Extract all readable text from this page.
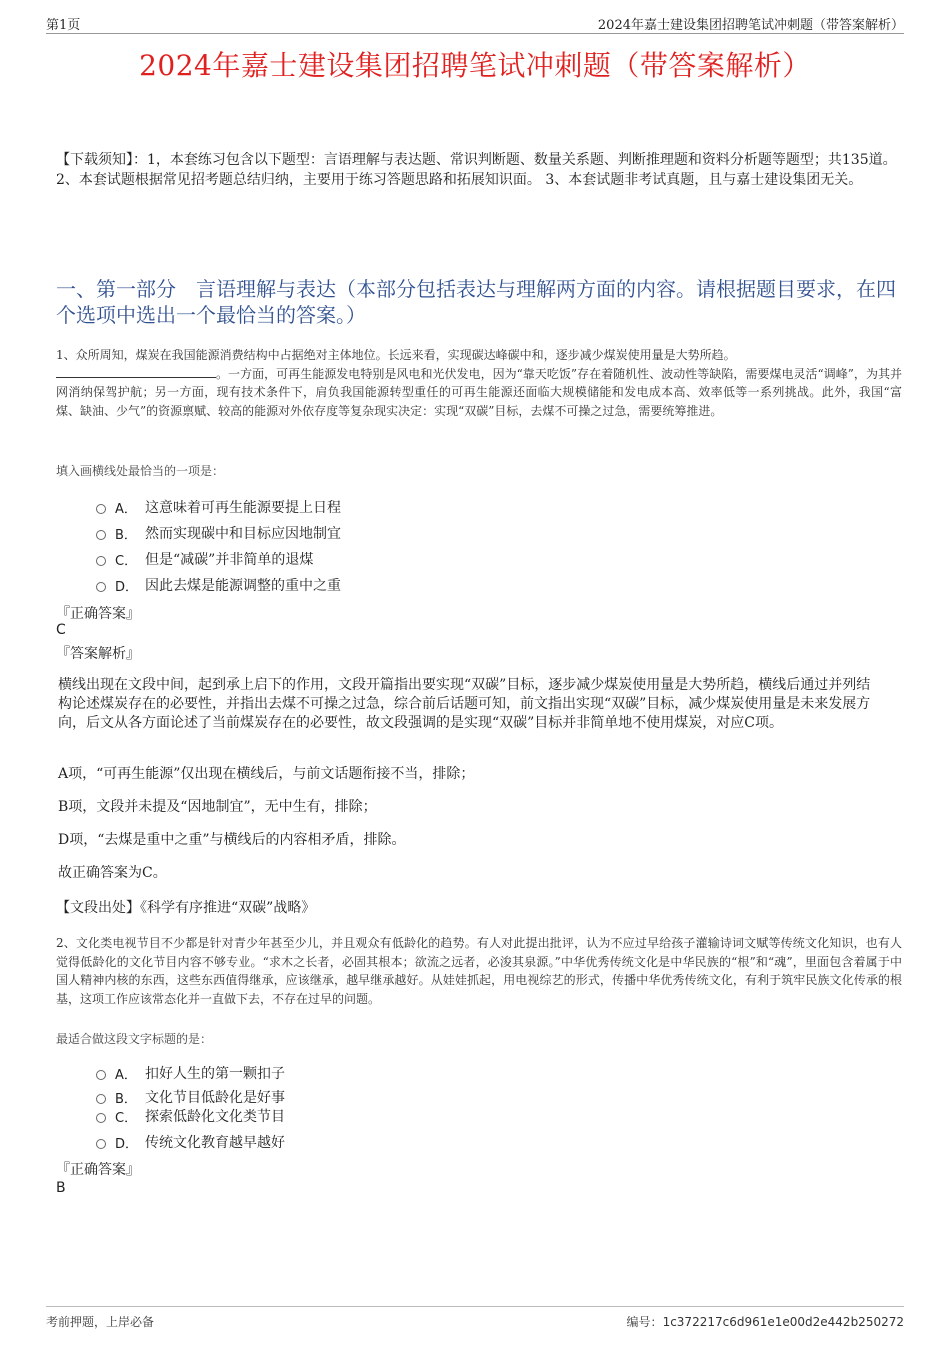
第1页	2024年嘉士建设集团招聘笔试冲刺题（带答案解析）
2024年嘉士建设集团招聘笔试冲刺题（带答案解析）

【下载须知】：1，本套练习包含以下题型：言语理解与表达题、常识判断题、数量关系题、判断推理题和资料分析题等题型；共135道。 2、本套试题根据常见招考题总结归纳，主要用于练习答题思路和拓展知识面。 3、本套试题非考试真题，且与嘉士建设集团无关。

一、第一部分　言语理解与表达（本部分包括表达与理解两方面的内容。请根据题目要求，在四个选项中选出一个最恰当的答案。）
1、众所周知，煤炭在我国能源消费结构中占据绝对主体地位。长远来看，实现碳达峰碳中和，逐步减少煤炭使用量是大势所趋。
。一方面，可再生能源发电特别是风电和光伏发电，因为“靠天吃饭”存在着随机性、波动性等缺陷，需要煤电灵活“调峰”，为其并网消纳保驾护航；另一方面，现有技术条件下，肩负我国能源转型重任的可再生能源还面临大规模储能和发电成本高、效率低等一系列挑战。此外，我国“富煤、缺油、少气”的资源禀赋、较高的能源对外依存度等复杂现实决定：实现“双碳”目标，去煤不可操之过急，需要统筹推进。
填入画横线处最恰当的一项是：
A． 这意味着可再生能源要提上日程
B． 然而实现碳中和目标应因地制宜
C． 但是“减碳”并非简单的退煤
D． 因此去煤是能源调整的重中之重
『正确答案』
C
『答案解析』

横线出现在文段中间，起到承上启下的作用，文段开篇指出要实现“双碳”目标，逐步减少煤炭使用量是大势所趋，横线后通过并列结构论述煤炭存在的必要性，并指出去煤不可操之过急，综合前后话题可知，前文指出实现“双碳”目标，减少煤炭使用量是未来发展方向，后文从各方面论述了当前煤炭存在的必要性，故文段强调的是实现“双碳”目标并非简单地不使用煤炭，对应C项。

A项，“可再生能源”仅出现在横线后，与前文话题衔接不当，排除；

B项，文段并未提及“因地制宜”，无中生有，排除；

D项，“去煤是重中之重”与横线后的内容相矛盾，排除。

故正确答案为C。

【文段出处】《科学有序推进“双碳”战略》

2、文化类电视节目不少都是针对青少年甚至少儿，并且观众有低龄化的趋势。有人对此提出批评，认为不应过早给孩子灌输诗词文赋等传统文化知识，也有人觉得低龄化的文化节目内容不够专业。“求木之长者，必固其根本；欲流之远者，必浚其泉源。”中华优秀传统文化是中华民族的“根”和“魂”，里面包含着属于中国人精神内核的东西，这些东西值得继承，应该继承，越早继承越好。从娃娃抓起，用电视综艺的形式，传播中华优秀传统文化，有利于筑牢民族文化传承的根基，这项工作应该常态化并一直做下去，不存在过早的问题。

最适合做这段文字标题的是：
A． 扣好人生的第一颗扣子
B． 文化节目低龄化是好事
C． 探索低龄化文化类节目
D． 传统文化教育越早越好
『正确答案』
B
考前押题，上岸必备	编号：1c372217c6d961e1e00d2e442b250272
